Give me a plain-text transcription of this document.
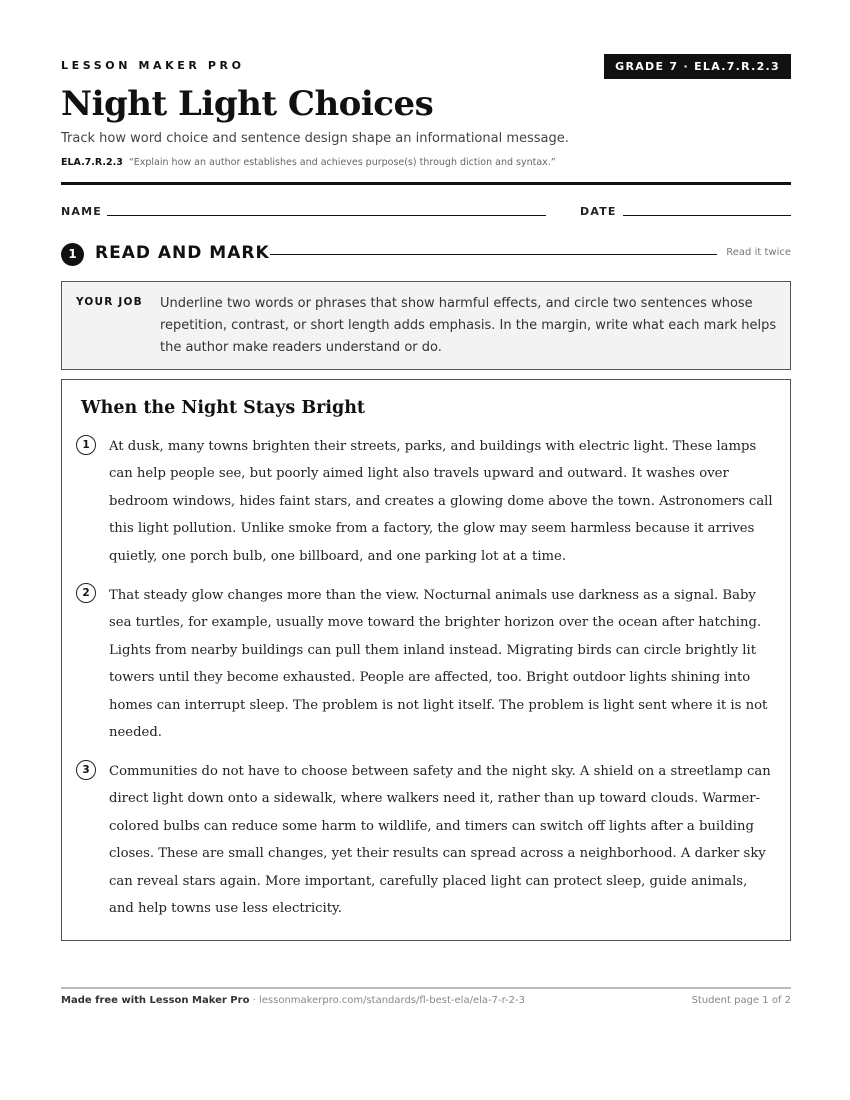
LESSON MAKER PRO	GRADE 7 · ELA.7.R.2.3
Night Light Choices
Track how word choice and sentence design shape an informational message.
ELA.7.R.2.3 “Explain how an author establishes and achieves purpose(s) through diction and syntax.”
NAME	DATE
1	READ AND MARK	Read it twice
YOUR JOB Underline two words or phrases that show harmful effects, and circle two sentences whose repetition, contrast, or short length adds emphasis. In the margin, write what each mark helps the author make readers understand or do.
When the Night Stays Bright
1	At dusk, many towns brighten their streets, parks, and buildings with electric light. These lamps can help people see, but poorly aimed light also travels upward and outward. It washes over bedroom windows, hides faint stars, and creates a glowing dome above the town. Astronomers call this light pollution. Unlike smoke from a factory, the glow may seem harmless because it arrives quietly, one porch bulb, one billboard, and one parking lot at a time.
2	That steady glow changes more than the view. Nocturnal animals use darkness as a signal. Baby sea turtles, for example, usually move toward the brighter horizon over the ocean after hatching. Lights from nearby buildings can pull them inland instead. Migrating birds can circle brightly lit towers until they become exhausted. People are affected, too. Bright outdoor lights shining into homes can interrupt sleep. The problem is not light itself. The problem is light sent where it is not needed.
3	Communities do not have to choose between safety and the night sky. A shield on a streetlamp can direct light down onto a sidewalk, where walkers need it, rather than up toward clouds. Warmer-colored bulbs can reduce some harm to wildlife, and timers can switch off lights after a building closes. These are small changes, yet their results can spread across a neighborhood. A darker sky can reveal stars again. More important, carefully placed light can protect sleep, guide animals, and help towns use less electricity.
Made free with Lesson Maker Pro · lessonmakerpro.com/standards/fl-best-ela/ela-7-r-2-3	Student page 1 of 2
